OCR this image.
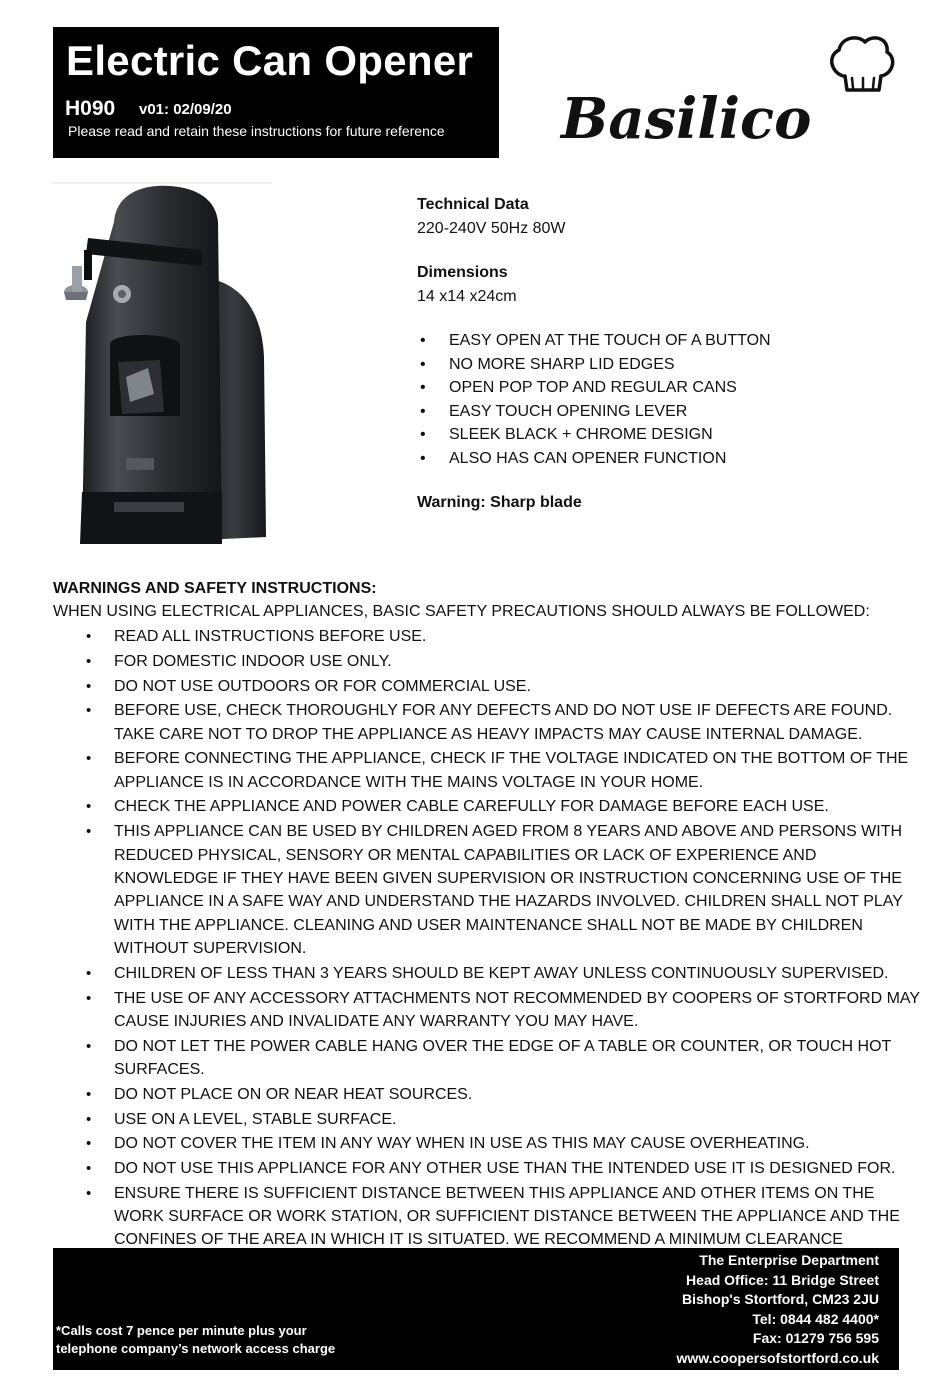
Electric Can Opener
H090 v01: 02/09/20
Please read and retain these instructions for future reference Basilico
Technical Data
220-240V 50Hz 80W
Dimensions
14 x14 x24cm
• EASY OPEN AT THE TOUCH OF A BUTTON
• NO MORE SHARP LID EDGES
• OPEN POP TOP AND REGULAR CANS
• EASY TOUCH OPENING LEVER
• SLEEK BLACK + CHROME DESIGN
• ALSO HAS CAN OPENER FUNCTION
Warning: Sharp blade
WARNINGS AND SAFETY INSTRUCTIONS:
WHEN USING ELECTRICAL APPLIANCES, BASIC SAFETY PRECAUTIONS SHOULD ALWAYS BE FOLLOWED:
• READ ALL INSTRUCTIONS BEFORE USE.
• FOR DOMESTIC INDOOR USE ONLY.
• DO NOT USE OUTDOORS OR FOR COMMERCIAL USE.
• BEFORE USE, CHECK THOROUGHLY FOR ANY DEFECTS AND DO NOT USE IF DEFECTS ARE FOUND. TAKE CARE NOT TO DROP THE APPLIANCE AS HEAVY IMPACTS MAY CAUSE INTERNAL DAMAGE.
• BEFORE CONNECTING THE APPLIANCE, CHECK IF THE VOLTAGE INDICATED ON THE BOTTOM OF THE APPLIANCE IS IN ACCORDANCE WITH THE MAINS VOLTAGE IN YOUR HOME.
• CHECK THE APPLIANCE AND POWER CABLE CAREFULLY FOR DAMAGE BEFORE EACH USE.
• THIS APPLIANCE CAN BE USED BY CHILDREN AGED FROM 8 YEARS AND ABOVE AND PERSONS WITH REDUCED PHYSICAL, SENSORY OR MENTAL CAPABILITIES OR LACK OF EXPERIENCE AND KNOWLEDGE IF THEY HAVE BEEN GIVEN SUPERVISION OR INSTRUCTION CONCERNING USE OF THE APPLIANCE IN A SAFE WAY AND UNDERSTAND THE HAZARDS INVOLVED. CHILDREN SHALL NOT PLAY WITH THE APPLIANCE. CLEANING AND USER MAINTENANCE SHALL NOT BE MADE BY CHILDREN WITHOUT SUPERVISION.
• CHILDREN OF LESS THAN 3 YEARS SHOULD BE KEPT AWAY UNLESS CONTINUOUSLY SUPERVISED.
• THE USE OF ANY ACCESSORY ATTACHMENTS NOT RECOMMENDED BY COOPERS OF STORTFORD MAY CAUSE INJURIES AND INVALIDATE ANY WARRANTY YOU MAY HAVE.
• DO NOT LET THE POWER CABLE HANG OVER THE EDGE OF A TABLE OR COUNTER, OR TOUCH HOT SURFACES.
• DO NOT PLACE ON OR NEAR HEAT SOURCES.
• USE ON A LEVEL, STABLE SURFACE.
• DO NOT COVER THE ITEM IN ANY WAY WHEN IN USE AS THIS MAY CAUSE OVERHEATING.
• DO NOT USE THIS APPLIANCE FOR ANY OTHER USE THAN THE INTENDED USE IT IS DESIGNED FOR.
• ENSURE THERE IS SUFFICIENT DISTANCE BETWEEN THIS APPLIANCE AND OTHER ITEMS ON THE WORK SURFACE OR WORK STATION, OR SUFFICIENT DISTANCE BETWEEN THE APPLIANCE AND THE CONFINES OF THE AREA IN WHICH IT IS SITUATED. WE RECOMMEND A MINIMUM CLEARANCE
The Enterprise Department
Head Office: 11 Bridge Street
Bishop's Stortford, CM23 2JU
Tel: 0844 482 4400*
Fax: 01279 756 595
www.coopersofstortford.co.uk
*Calls cost 7 pence per minute plus your
telephone company’s network access charge
